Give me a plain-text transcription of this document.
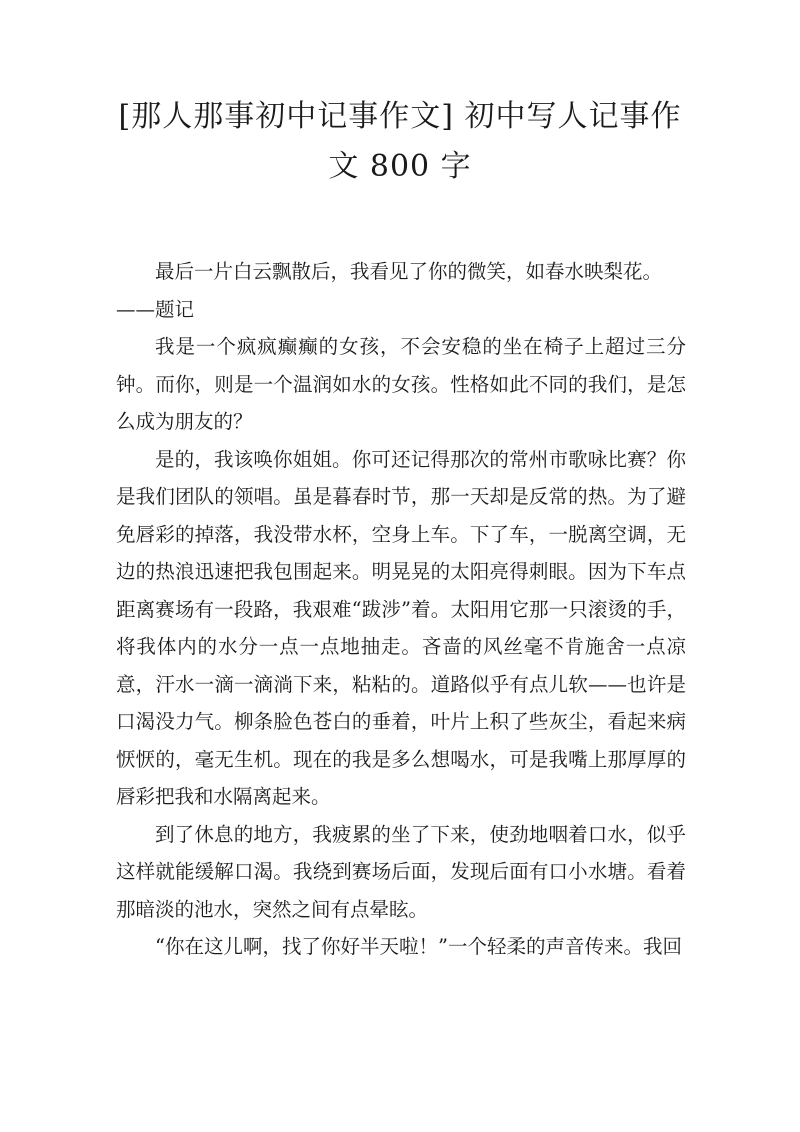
[那人那事初中记事作文] 初中写人记事作
文 800 字

最后一片白云飘散后，我看见了你的微笑，如春水映梨花。

——题记

我是一个疯疯癫癫的女孩，不会安稳的坐在椅子上超过三分钟。而你，则是一个温润如水的女孩。性格如此不同的我们，是怎么成为朋友的？

是的，我该唤你姐姐。你可还记得那次的常州市歌咏比赛？你是我们团队的领唱。虽是暮春时节，那一天却是反常的热。为了避免唇彩的掉落，我没带水杯，空身上车。下了车，一脱离空调，无边的热浪迅速把我包围起来。明晃晃的太阳亮得刺眼。因为下车点距离赛场有一段路，我艰难“跋涉”着。太阳用它那一只滚烫的手，将我体内的水分一点一点地抽走。吝啬的风丝毫不肯施舍一点凉意，汗水一滴一滴淌下来，粘粘的。道路似乎有点儿软——也许是口渴没力气。柳条脸色苍白的垂着，叶片上积了些灰尘，看起来病恹恹的，毫无生机。现在的我是多么想喝水，可是我嘴上那厚厚的唇彩把我和水隔离起来。

到了休息的地方，我疲累的坐了下来，使劲地咽着口水，似乎这样就能缓解口渴。我绕到赛场后面，发现后面有口小水塘。看着那暗淡的池水，突然之间有点晕眩。

“你在这儿啊，找了你好半天啦！”一个轻柔的声音传来。我回
